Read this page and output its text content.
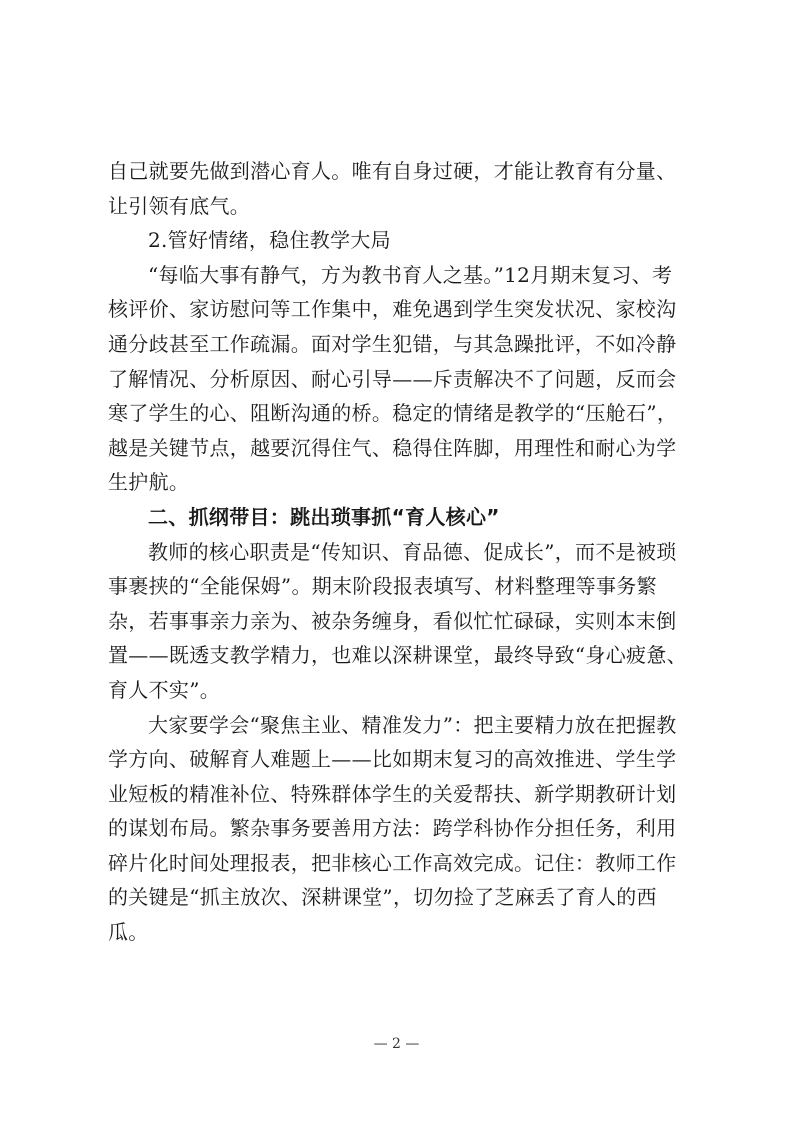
自己就要先做到潜心育人。唯有自身过硬，才能让教育有分量、让引领有底气。

2.管好情绪，稳住教学大局

“每临大事有静气，方为教书育人之基。”12月期末复习、考核评价、家访慰问等工作集中，难免遇到学生突发状况、家校沟通分歧甚至工作疏漏。面对学生犯错，与其急躁批评，不如冷静了解情况、分析原因、耐心引导——斥责解决不了问题，反而会寒了学生的心、阻断沟通的桥。稳定的情绪是教学的“压舱石”，越是关键节点，越要沉得住气、稳得住阵脚，用理性和耐心为学生护航。

二、抓纲带目：跳出琐事抓“育人核心”

教师的核心职责是“传知识、育品德、促成长”，而不是被琐事裹挟的“全能保姆”。期末阶段报表填写、材料整理等事务繁杂，若事事亲力亲为、被杂务缠身，看似忙忙碌碌，实则本末倒置——既透支教学精力，也难以深耕课堂，最终导致“身心疲惫、育人不实”。

大家要学会“聚焦主业、精准发力”：把主要精力放在把握教学方向、破解育人难题上——比如期末复习的高效推进、学生学业短板的精准补位、特殊群体学生的关爱帮扶、新学期教研计划的谋划布局。繁杂事务要善用方法：跨学科协作分担任务，利用碎片化时间处理报表，把非核心工作高效完成。记住：教师工作的关键是“抓主放次、深耕课堂”，切勿捡了芝麻丢了育人的西瓜。

— 2 —
